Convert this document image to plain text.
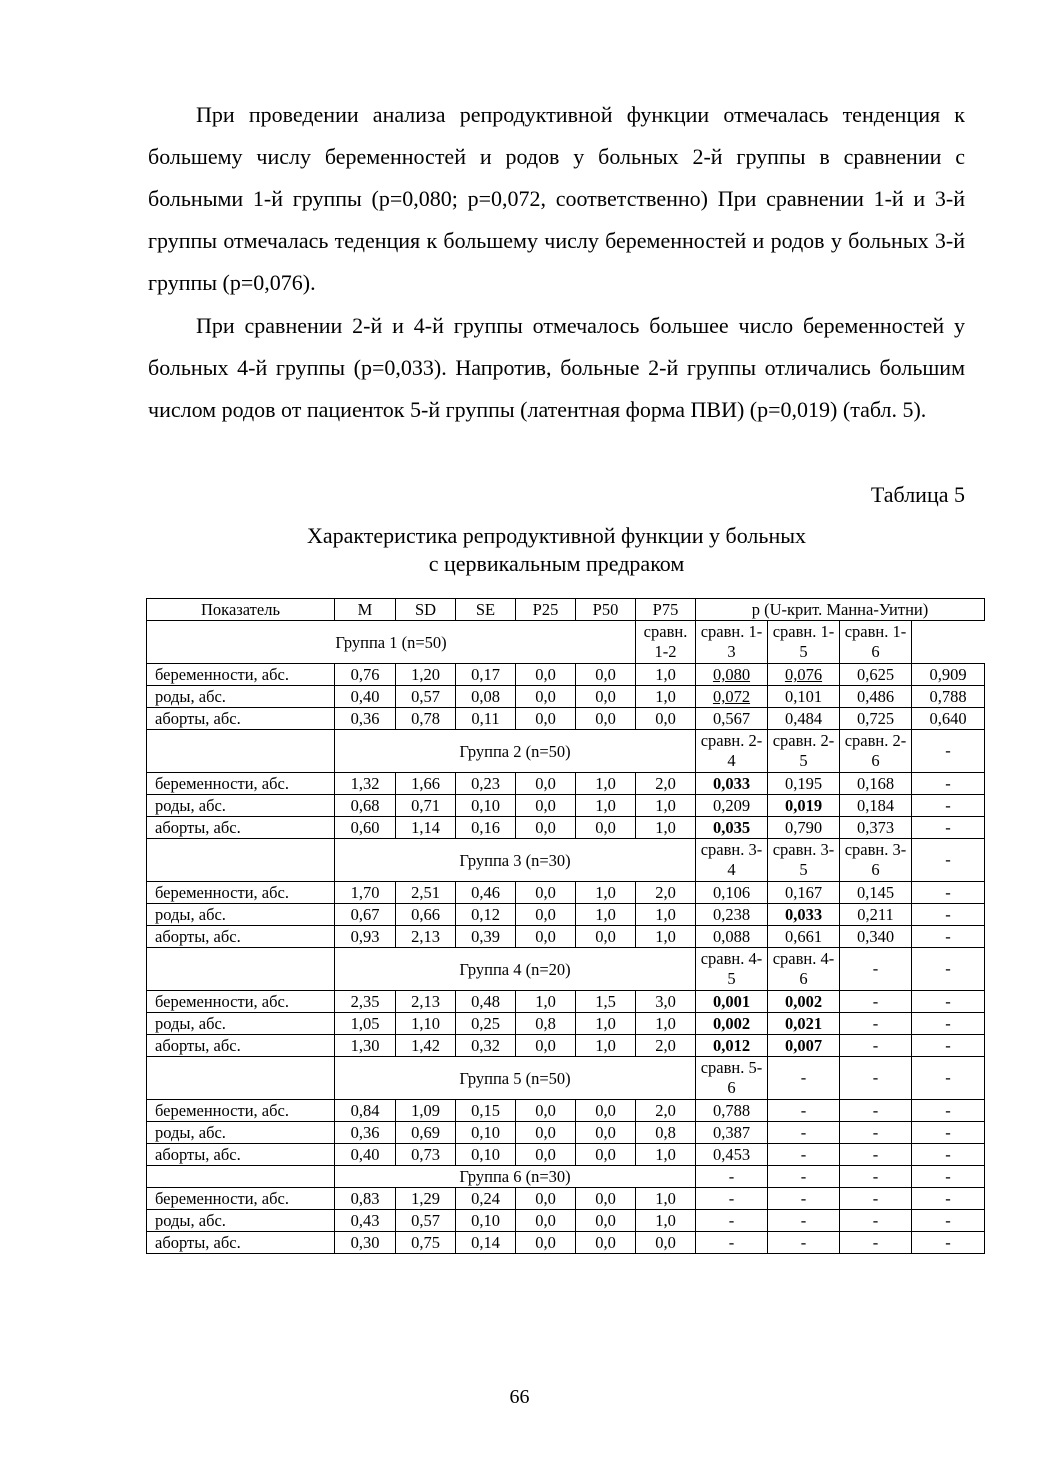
При проведении анализа репродуктивной функции отмечалась тенденция к большему числу беременностей и родов у больных 2-й группы в сравнении с больными 1-й группы (р=0,080; р=0,072, соответственно) При сравнении 1-й и 3-й группы отмечалась теденция к большему числу беременностей и родов у больных 3-й группы (р=0,076).

При сравнении 2-й и 4-й группы отмечалось большее число беременностей у больных 4-й группы (р=0,033). Напротив, больные 2-й группы отличались большим числом родов от пациенток 5-й группы (латентная форма ПВИ) (р=0,019) (табл. 5).

Таблица 5
Характеристика репродуктивной функции у больных
с цервикальным предраком
Показатель	M	SD	SE	P25	P50	P75	р (U-крит. Манна-Уитни)			
Группа 1 (n=50)						сравн. 1-2	сравн. 1-3	сравн. 1-5	сравн. 1-6	
беременности, абс.	0,76	1,20	0,17	0,0	0,0	1,0	0,080	0,076	0,625	0,909
роды, абс.	0,40	0,57	0,08	0,0	0,0	1,0	0,072	0,101	0,486	0,788
аборты, абс.	0,36	0,78	0,11	0,0	0,0	0,0	0,567	0,484	0,725	0,640
	Группа 2 (n=50)						сравн. 2-4	сравн. 2-5	сравн. 2-6	-
беременности, абс.	1,32	1,66	0,23	0,0	1,0	2,0	0,033	0,195	0,168	-
роды, абс.	0,68	0,71	0,10	0,0	1,0	1,0	0,209	0,019	0,184	-
аборты, абс.	0,60	1,14	0,16	0,0	0,0	1,0	0,035	0,790	0,373	-
	Группа 3 (n=30)						сравн. 3-4	сравн. 3-5	сравн. 3-6	-
беременности, абс.	1,70	2,51	0,46	0,0	1,0	2,0	0,106	0,167	0,145	-
роды, абс.	0,67	0,66	0,12	0,0	1,0	1,0	0,238	0,033	0,211	-
аборты, абс.	0,93	2,13	0,39	0,0	0,0	1,0	0,088	0,661	0,340	-
	Группа 4 (n=20)						сравн. 4-5	сравн. 4-6	-	-
беременности, абс.	2,35	2,13	0,48	1,0	1,5	3,0	0,001	0,002	-	-
роды, абс.	1,05	1,10	0,25	0,8	1,0	1,0	0,002	0,021	-	-
аборты, абс.	1,30	1,42	0,32	0,0	1,0	2,0	0,012	0,007	-	-
	Группа 5 (n=50)						сравн. 5-6	-	-	-
беременности, абс.	0,84	1,09	0,15	0,0	0,0	2,0	0,788	-	-	-
роды, абс.	0,36	0,69	0,10	0,0	0,0	0,8	0,387	-	-	-
аборты, абс.	0,40	0,73	0,10	0,0	0,0	1,0	0,453	-	-	-
	Группа 6 (n=30)						-	-	-	-
беременности, абс.	0,83	1,29	0,24	0,0	0,0	1,0	-	-	-	-
роды, абс.	0,43	0,57	0,10	0,0	0,0	1,0	-	-	-	-
аборты, абс.	0,30	0,75	0,14	0,0	0,0	0,0	-	-	-	-
66
